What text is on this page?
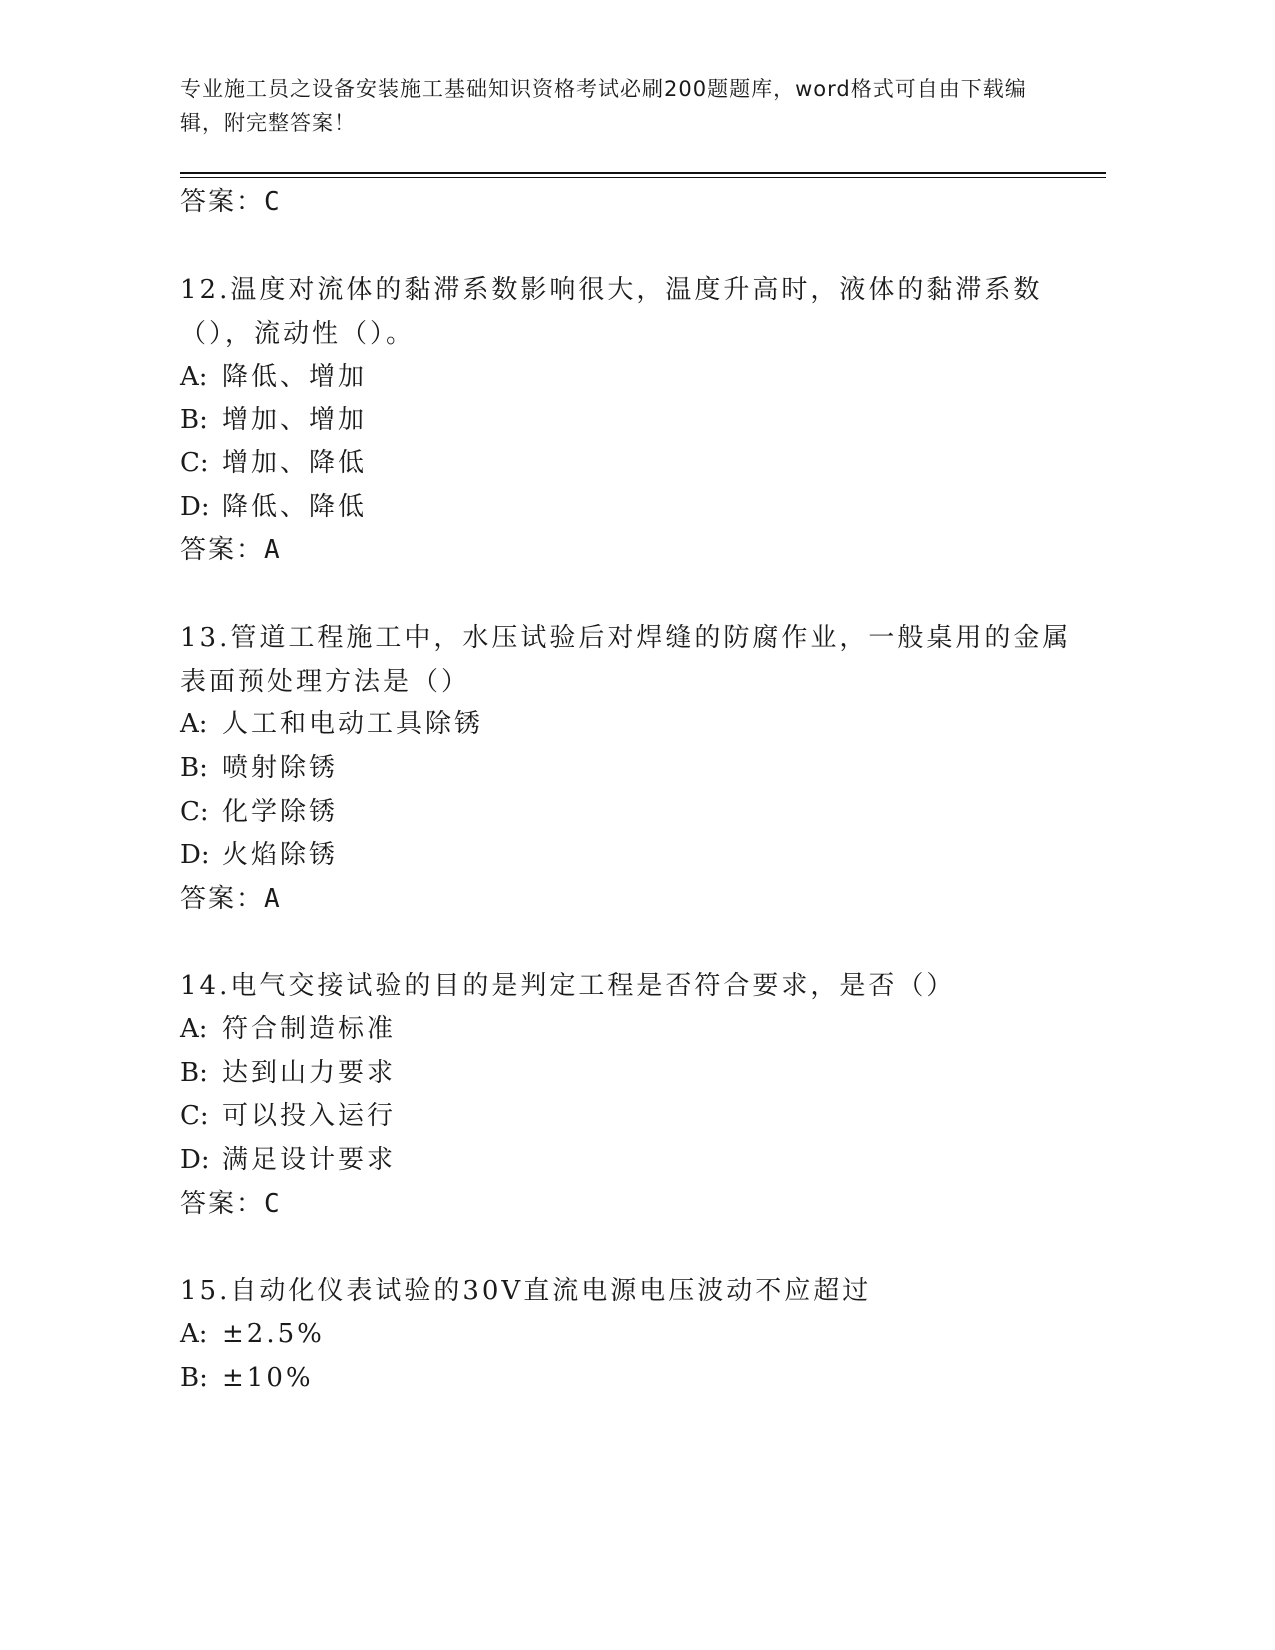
专业施工员之设备安装施工基础知识资格考试必刷200题题库，word格式可自由下载编辑，附完整答案！
答案：C
12.温度对流体的黏滞系数影响很大，温度升高时，液体的黏滞系数（），流动性（）。
A: 降低、增加
B: 增加、增加
C: 增加、降低
D: 降低、降低
答案：A
13.管道工程施工中，水压试验后对焊缝的防腐作业，一般桌用的金属表面预处理方法是（）
A: 人工和电动工具除锈
B: 喷射除锈
C: 化学除锈
D: 火焰除锈
答案：A
14.电气交接试验的目的是判定工程是否符合要求，是否（）
A: 符合制造标准
B: 达到山力要求
C: 可以投入运行
D: 满足设计要求
答案：C
15.自动化仪表试验的30V直流电源电压波动不应超过
A: ±2.5%
B: ±10%
